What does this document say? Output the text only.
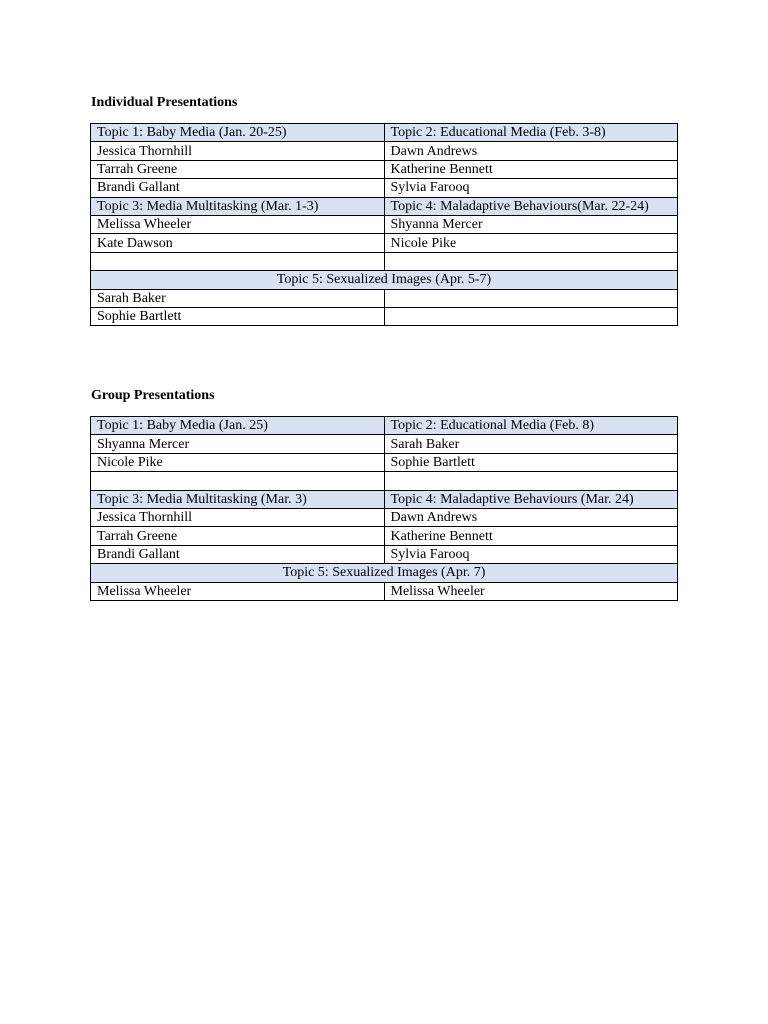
Individual Presentations
Topic 1: Baby Media (Jan. 20-25)	Topic 2: Educational Media (Feb. 3-8)
Jessica Thornhill	Dawn Andrews
Tarrah Greene	Katherine Bennett
Brandi Gallant	Sylvia Farooq
Topic 3: Media Multitasking (Mar. 1-3)	Topic 4: Maladaptive Behaviours(Mar. 22-24)
Melissa Wheeler	Shyanna Mercer
Kate Dawson	Nicole Pike

Topic 5: Sexualized Images (Apr. 5-7)	
Sarah Baker	
Sophie Bartlett	
Group Presentations
Topic 1: Baby Media (Jan. 25)	Topic 2: Educational Media (Feb. 8)
Shyanna Mercer	Sarah Baker
Nicole Pike	Sophie Bartlett

Topic 3: Media Multitasking (Mar. 3)	Topic 4: Maladaptive Behaviours (Mar. 24)
Jessica Thornhill	Dawn Andrews
Tarrah Greene	Katherine Bennett
Brandi Gallant	Sylvia Farooq
Topic 5: Sexualized Images (Apr. 7)	
Melissa Wheeler	Melissa Wheeler
